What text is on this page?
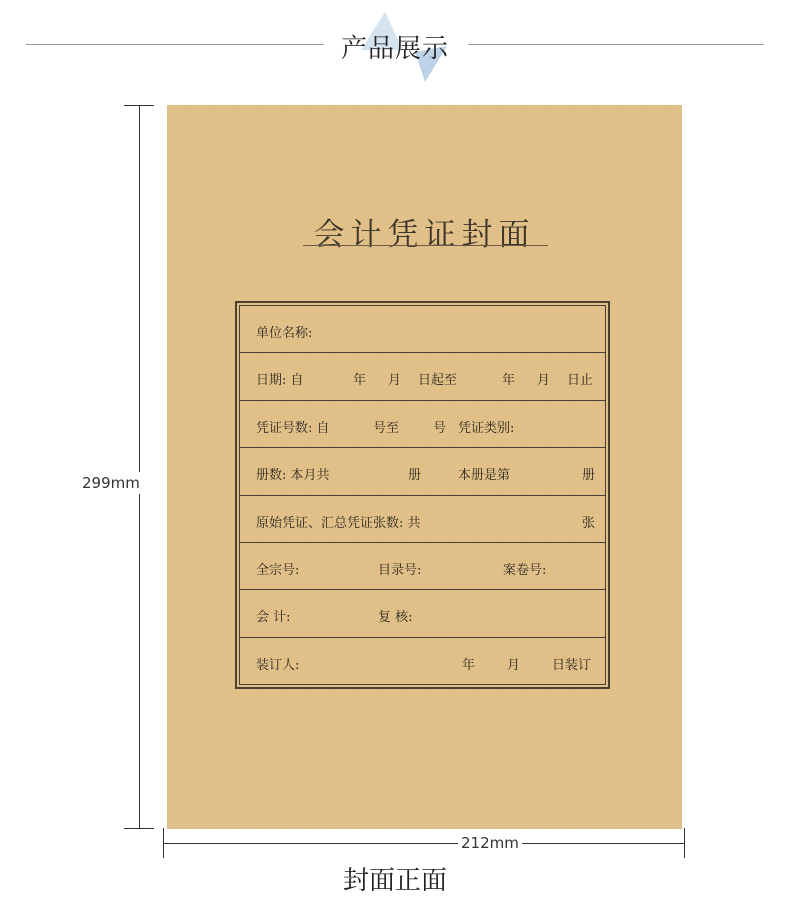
产品展示
299mm
会计凭证封面
单位名称:
日期: 自	年 月 日起至	年 月 日止
凭证号数: 自	号至	号 凭证类别:
册数: 本月共	册	本册是第	册
原始凭证、汇总凭证张数: 共	张
全宗号:	目录号:	案卷号:
会 计:	复 核:
装订人:	年 月 日装订
212mm
封面正面
